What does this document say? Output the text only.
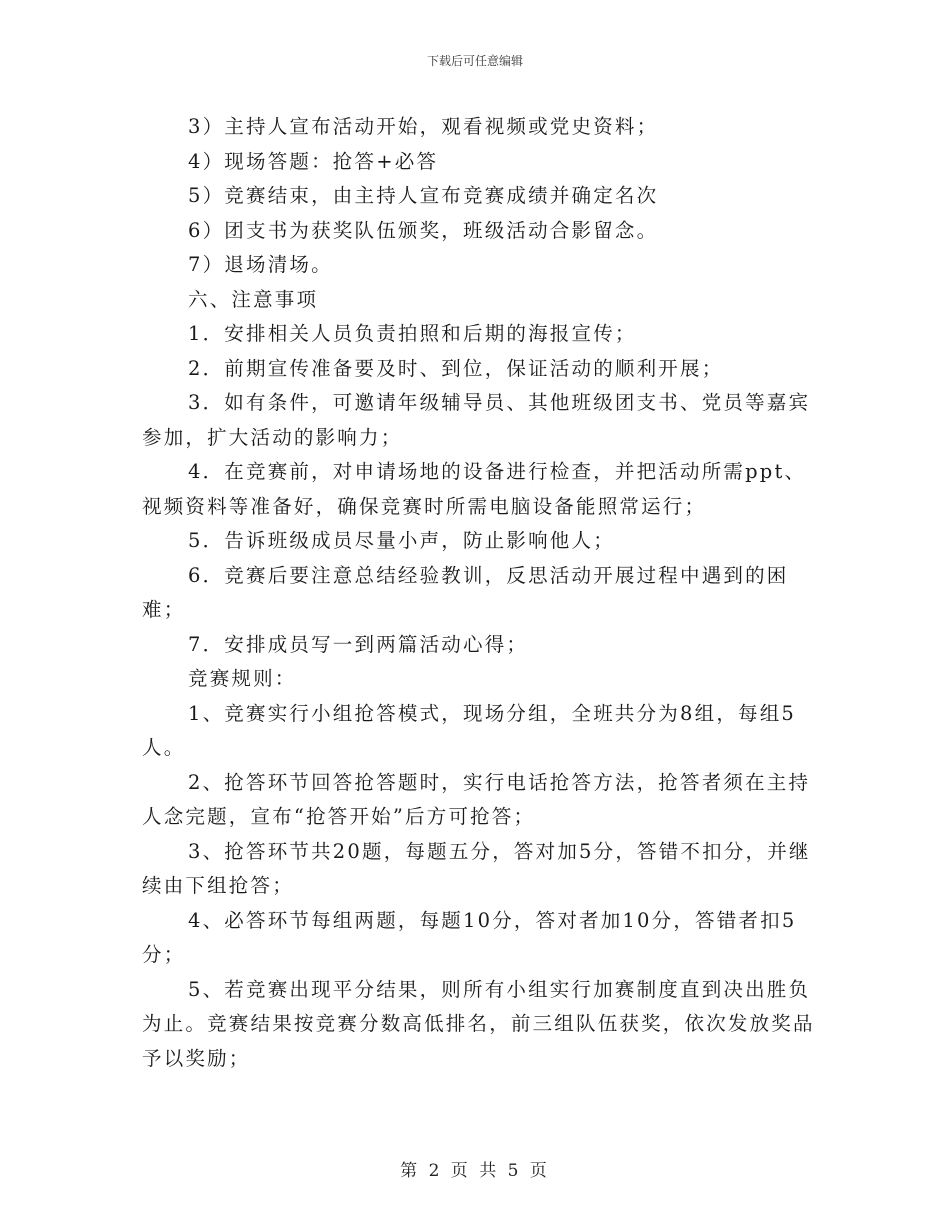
下载后可任意编辑

3）主持人宣布活动开始，观看视频或党史资料；

4）现场答题：抢答+必答

5）竞赛结束，由主持人宣布竞赛成绩并确定名次

6）团支书为获奖队伍颁奖，班级活动合影留念。

7）退场清场。

六、注意事项

1．安排相关人员负责拍照和后期的海报宣传；

2．前期宣传准备要及时、到位，保证活动的顺利开展；

3．如有条件，可邀请年级辅导员、其他班级团支书、党员等嘉宾参加，扩大活动的影响力；

4．在竞赛前，对申请场地的设备进行检查，并把活动所需ppt、视频资料等准备好，确保竞赛时所需电脑设备能照常运行；

5．告诉班级成员尽量小声，防止影响他人；

6．竞赛后要注意总结经验教训，反思活动开展过程中遇到的困难；

7．安排成员写一到两篇活动心得；

竞赛规则：

1、竞赛实行小组抢答模式，现场分组，全班共分为8组，每组5人。

2、抢答环节回答抢答题时，实行电话抢答方法，抢答者须在主持人念完题，宣布“抢答开始”后方可抢答；

3、抢答环节共20题，每题五分，答对加5分，答错不扣分，并继续由下组抢答；

4、必答环节每组两题，每题10分，答对者加10分，答错者扣5分；

5、若竞赛出现平分结果，则所有小组实行加赛制度直到决出胜负为止。竞赛结果按竞赛分数高低排名，前三组队伍获奖，依次发放奖品予以奖励；

第 2 页 共 5 页
